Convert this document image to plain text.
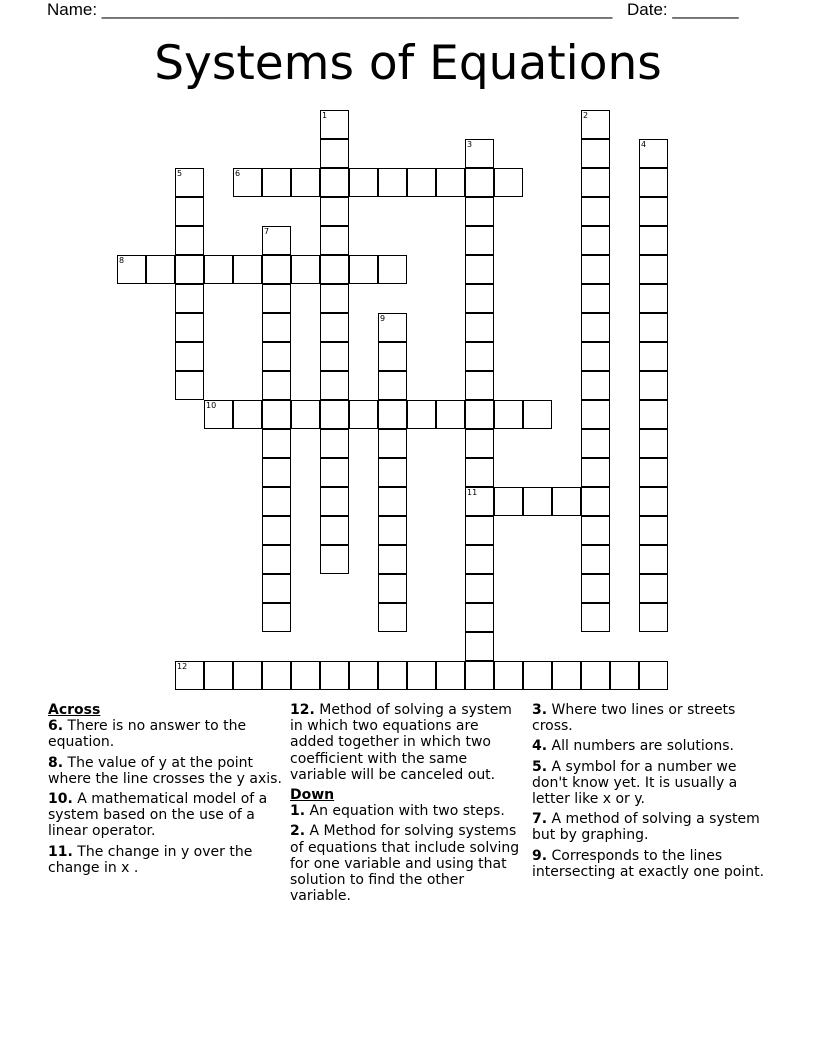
Name: ______________________________________________________ Date: _______
Systems of Equations
1	2
3
11
4
5	6
7
8
9
10
12
Across
6. There is no answer to the equation.
8. The value of y at the point where the line crosses the y axis.
10. A mathematical model of a system based on the use of a linear operator.
11. The change in y over the change in x .
12. Method of solving a system in which two equations are added together in which two coefficient with the same variable will be canceled out.
Down
1. An equation with two steps.
2. A Method for solving systems of equations that include solving for one variable and using that solution to find the other variable.
3. Where two lines or streets cross.
4. All numbers are solutions.
5. A symbol for a number we don't know yet. It is usually a letter like x or y.
7. A method of solving a system but by graphing.
9. Corresponds to the lines intersecting at exactly one point.
